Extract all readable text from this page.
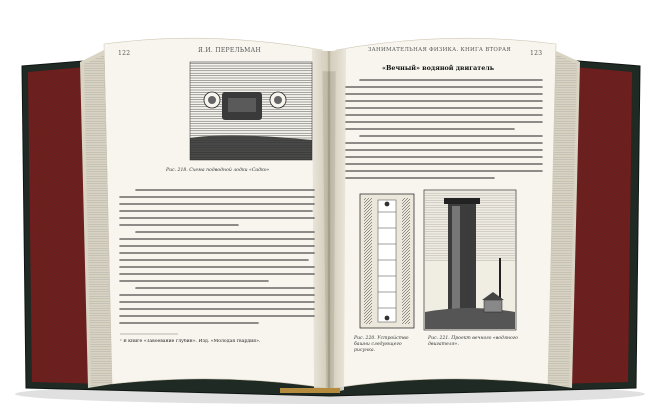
122	Я.И. ПЕРЕЛЬМАН	ЗАНИМАТЕЛЬНАЯ ФИЗИКА. КНИГА ВТОРАЯ	123
Рис. 218. Схема подводной лодки «Садко»
«Вечный» водяной двигатель
¹ В книге «Завоевание глубин». Изд. «Молодая гвардия».
Рис. 220. Устройство башни следующего рисунка.
Рис. 221. Проект вечного «водяного двигателя».
